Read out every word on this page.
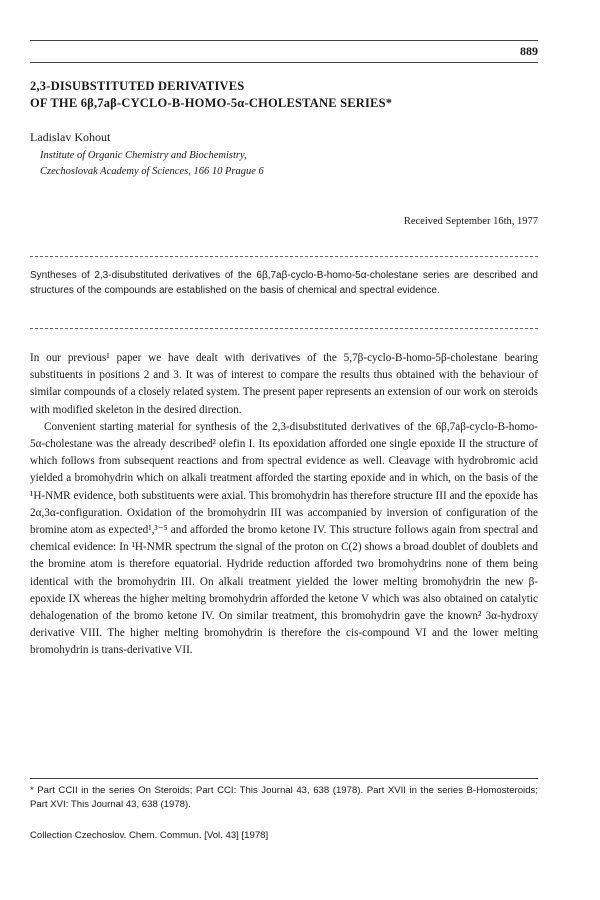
889
2,3-DISUBSTITUTED DERIVATIVES
OF THE 6β,7aβ-CYCLO-B-HOMO-5α-CHOLESTANE SERIES*
Ladislav Kohout
Institute of Organic Chemistry and Biochemistry,
Czechoslovak Academy of Sciences, 166 10 Prague 6
Received September 16th, 1977
Syntheses of 2,3-disubstituted derivatives of the 6β,7aβ-cyclo-B-homo-5α-cholestane series are described and structures of the compounds are established on the basis of chemical and spectral evidence.

In our previous¹ paper we have dealt with derivatives of the 5,7β-cyclo-B-homo-5β-cholestane bearing substituents in positions 2 and 3. It was of interest to compare the results thus obtained with the behaviour of similar compounds of a closely related system. The present paper represents an extension of our work on steroids with modified skeleton in the desired direction.

Convenient starting material for synthesis of the 2,3-disubstituted derivatives of the 6β,7aβ-cyclo-B-homo-5α-cholestane was the already described² olefin I. Its epoxidation afforded one single epoxide II the structure of which follows from subsequent reactions and from spectral evidence as well. Cleavage with hydrobromic acid yielded a bromohydrin which on alkali treatment afforded the starting epoxide and in which, on the basis of the ¹H-NMR evidence, both substituents were axial. This bromohydrin has therefore structure III and the epoxide has 2α,3α-configuration. Oxidation of the bromohydrin III was accompanied by inversion of configuration of the bromine atom as expected¹,³⁻⁵ and afforded the bromo ketone IV. This structure follows again from spectral and chemical evidence: In ¹H-NMR spectrum the signal of the proton on C(2) shows a broad doublet of doublets and the bromine atom is therefore equatorial. Hydride reduction afforded two bromohydrins none of them being identical with the bromohydrin III. On alkali treatment yielded the lower melting bromohydrin the new β-epoxide IX whereas the higher melting bromohydrin afforded the ketone V which was also obtained on catalytic dehalogenation of the bromo ketone IV. On similar treatment, this bromohydrin gave the known² 3α-hydroxy derivative VIII. The higher melting bromohydrin is therefore the cis-compound VI and the lower melting bromohydrin is trans-derivative VII.

* Part CCII in the series On Steroids; Part CCI: This Journal 43, 638 (1978). Part XVII in the series B-Homosteroids; Part XVI: This Journal 43, 638 (1978).
Collection Czechoslov. Chem. Commun. [Vol. 43] [1978]
